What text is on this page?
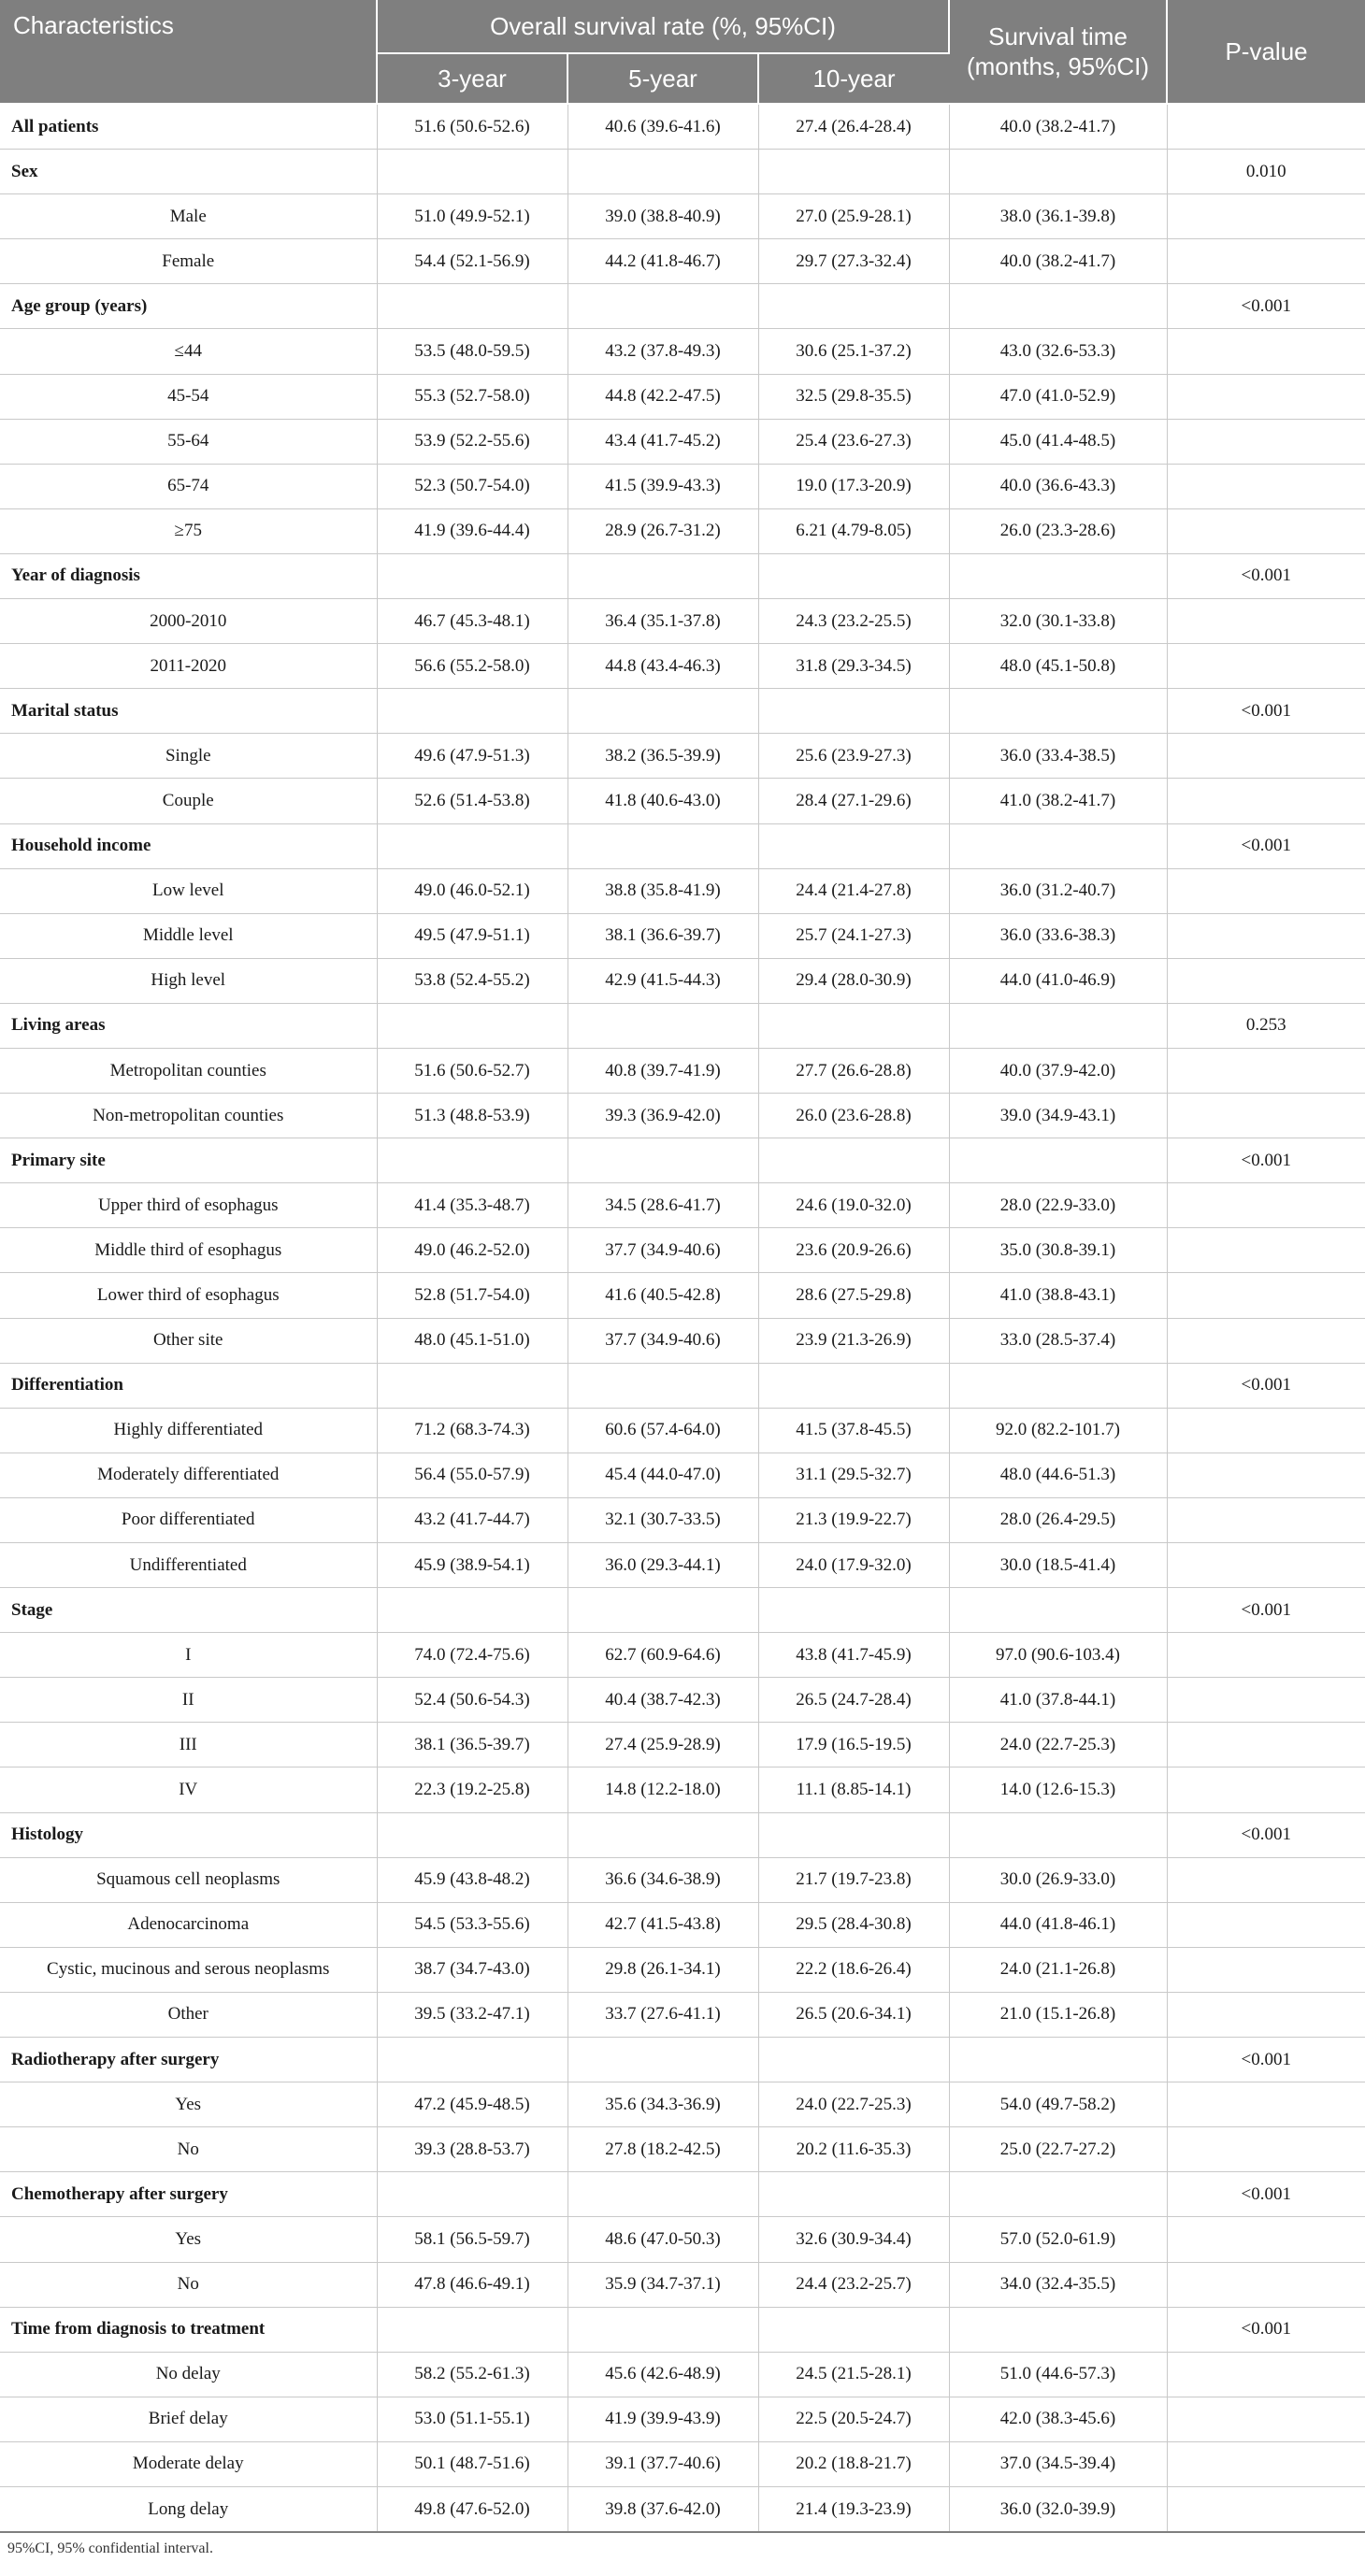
Characteristics	Overall survival rate (%, 95%CI)			Survival time
(months, 95%CI)	P-value
	3-year	5-year	10-year		
All patients	51.6 (50.6-52.6)	40.6 (39.6-41.6)	27.4 (26.4-28.4)	40.0 (38.2-41.7)	
Sex					0.010
Male	51.0 (49.9-52.1)	39.0 (38.8-40.9)	27.0 (25.9-28.1)	38.0 (36.1-39.8)	
Female	54.4 (52.1-56.9)	44.2 (41.8-46.7)	29.7 (27.3-32.4)	40.0 (38.2-41.7)	
Age group (years)					<0.001
≤44	53.5 (48.0-59.5)	43.2 (37.8-49.3)	30.6 (25.1-37.2)	43.0 (32.6-53.3)	
45-54	55.3 (52.7-58.0)	44.8 (42.2-47.5)	32.5 (29.8-35.5)	47.0 (41.0-52.9)	
55-64	53.9 (52.2-55.6)	43.4 (41.7-45.2)	25.4 (23.6-27.3)	45.0 (41.4-48.5)	
65-74	52.3 (50.7-54.0)	41.5 (39.9-43.3)	19.0 (17.3-20.9)	40.0 (36.6-43.3)	
≥75	41.9 (39.6-44.4)	28.9 (26.7-31.2)	6.21 (4.79-8.05)	26.0 (23.3-28.6)	
Year of diagnosis					<0.001
2000-2010	46.7 (45.3-48.1)	36.4 (35.1-37.8)	24.3 (23.2-25.5)	32.0 (30.1-33.8)	
2011-2020	56.6 (55.2-58.0)	44.8 (43.4-46.3)	31.8 (29.3-34.5)	48.0 (45.1-50.8)	
Marital status					<0.001
Single	49.6 (47.9-51.3)	38.2 (36.5-39.9)	25.6 (23.9-27.3)	36.0 (33.4-38.5)	
Couple	52.6 (51.4-53.8)	41.8 (40.6-43.0)	28.4 (27.1-29.6)	41.0 (38.2-41.7)	
Household income					<0.001
Low level	49.0 (46.0-52.1)	38.8 (35.8-41.9)	24.4 (21.4-27.8)	36.0 (31.2-40.7)	
Middle level	49.5 (47.9-51.1)	38.1 (36.6-39.7)	25.7 (24.1-27.3)	36.0 (33.6-38.3)	
High level	53.8 (52.4-55.2)	42.9 (41.5-44.3)	29.4 (28.0-30.9)	44.0 (41.0-46.9)	
Living areas					0.253
Metropolitan counties	51.6 (50.6-52.7)	40.8 (39.7-41.9)	27.7 (26.6-28.8)	40.0 (37.9-42.0)	
Non-metropolitan counties	51.3 (48.8-53.9)	39.3 (36.9-42.0)	26.0 (23.6-28.8)	39.0 (34.9-43.1)	
Primary site					<0.001
Upper third of esophagus	41.4 (35.3-48.7)	34.5 (28.6-41.7)	24.6 (19.0-32.0)	28.0 (22.9-33.0)	
Middle third of esophagus	49.0 (46.2-52.0)	37.7 (34.9-40.6)	23.6 (20.9-26.6)	35.0 (30.8-39.1)	
Lower third of esophagus	52.8 (51.7-54.0)	41.6 (40.5-42.8)	28.6 (27.5-29.8)	41.0 (38.8-43.1)	
Other site	48.0 (45.1-51.0)	37.7 (34.9-40.6)	23.9 (21.3-26.9)	33.0 (28.5-37.4)	
Differentiation					<0.001
Highly differentiated	71.2 (68.3-74.3)	60.6 (57.4-64.0)	41.5 (37.8-45.5)	92.0 (82.2-101.7)	
Moderately differentiated	56.4 (55.0-57.9)	45.4 (44.0-47.0)	31.1 (29.5-32.7)	48.0 (44.6-51.3)	
Poor differentiated	43.2 (41.7-44.7)	32.1 (30.7-33.5)	21.3 (19.9-22.7)	28.0 (26.4-29.5)	
Undifferentiated	45.9 (38.9-54.1)	36.0 (29.3-44.1)	24.0 (17.9-32.0)	30.0 (18.5-41.4)	
Stage					<0.001
I	74.0 (72.4-75.6)	62.7 (60.9-64.6)	43.8 (41.7-45.9)	97.0 (90.6-103.4)	
II	52.4 (50.6-54.3)	40.4 (38.7-42.3)	26.5 (24.7-28.4)	41.0 (37.8-44.1)	
III	38.1 (36.5-39.7)	27.4 (25.9-28.9)	17.9 (16.5-19.5)	24.0 (22.7-25.3)	
IV	22.3 (19.2-25.8)	14.8 (12.2-18.0)	11.1 (8.85-14.1)	14.0 (12.6-15.3)	
Histology					<0.001
Squamous cell neoplasms	45.9 (43.8-48.2)	36.6 (34.6-38.9)	21.7 (19.7-23.8)	30.0 (26.9-33.0)	
Adenocarcinoma	54.5 (53.3-55.6)	42.7 (41.5-43.8)	29.5 (28.4-30.8)	44.0 (41.8-46.1)	
Cystic, mucinous and serous neoplasms	38.7 (34.7-43.0)	29.8 (26.1-34.1)	22.2 (18.6-26.4)	24.0 (21.1-26.8)	
Other	39.5 (33.2-47.1)	33.7 (27.6-41.1)	26.5 (20.6-34.1)	21.0 (15.1-26.8)	
Radiotherapy after surgery					<0.001
Yes	47.2 (45.9-48.5)	35.6 (34.3-36.9)	24.0 (22.7-25.3)	54.0 (49.7-58.2)	
No	39.3 (28.8-53.7)	27.8 (18.2-42.5)	20.2 (11.6-35.3)	25.0 (22.7-27.2)	
Chemotherapy after surgery					<0.001
Yes	58.1 (56.5-59.7)	48.6 (47.0-50.3)	32.6 (30.9-34.4)	57.0 (52.0-61.9)	
No	47.8 (46.6-49.1)	35.9 (34.7-37.1)	24.4 (23.2-25.7)	34.0 (32.4-35.5)	
Time from diagnosis to treatment					<0.001
No delay	58.2 (55.2-61.3)	45.6 (42.6-48.9)	24.5 (21.5-28.1)	51.0 (44.6-57.3)	
Brief delay	53.0 (51.1-55.1)	41.9 (39.9-43.9)	22.5 (20.5-24.7)	42.0 (38.3-45.6)	
Moderate delay	50.1 (48.7-51.6)	39.1 (37.7-40.6)	20.2 (18.8-21.7)	37.0 (34.5-39.4)	
Long delay	49.8 (47.6-52.0)	39.8 (37.6-42.0)	21.4 (19.3-23.9)	36.0 (32.0-39.9)	
95%CI, 95% confidential interval.
